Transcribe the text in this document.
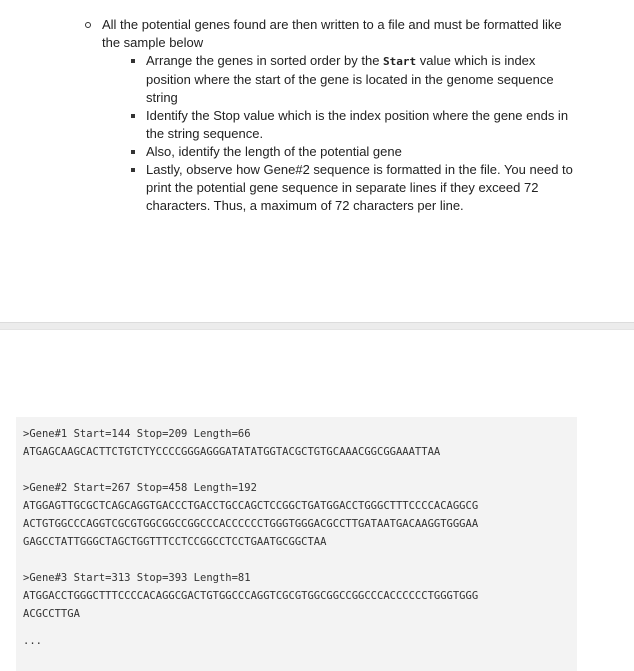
All the potential genes found are then written to a file and must be formatted like the sample below
Arrange the genes in sorted order by the Start value which is index position where the start of the gene is located in the genome sequence string
Identify the Stop value which is the index position where the gene ends in the string sequence.
Also, identify the length of the potential gene
Lastly, observe how Gene#2 sequence is formatted in the file. You need to print the potential gene sequence in separate lines if they exceed 72 characters. Thus, a maximum of 72 characters per line.
>Gene#1 Start=144 Stop=209 Length=66
ATGAGCAAGCACTTCTGTCTYCCCCGGGAGGGATATATGGTACGCTGTGCAAACGGCGGAAATTAA
>Gene#2 Start=267 Stop=458 Length=192
ATGGAGTTGCGCTCAGCAGGTGACCCTGACCTGCCAGCTCCGGCTGATGGACCTGGGCTTTCCCCACAGGCG
ACTGTGGCCCAGGTCGCGTGGCGGCCGGCCCACCCCCCTGGGTGGGACGCCTTGATAATGACAAGGTGGGAA
GAGCCTATTGGGCTAGCTGGTTTCCTCCGGCCTCCTGAATGCGGCTAA
>Gene#3 Start=313 Stop=393 Length=81
ATGGACCTGGGCTTTCCCCACAGGCGACTGTGGCCCAGGTCGCGTGGCGGCCGGCCCACCCCCCTGGGTGGG
ACGCCTTGA
...
